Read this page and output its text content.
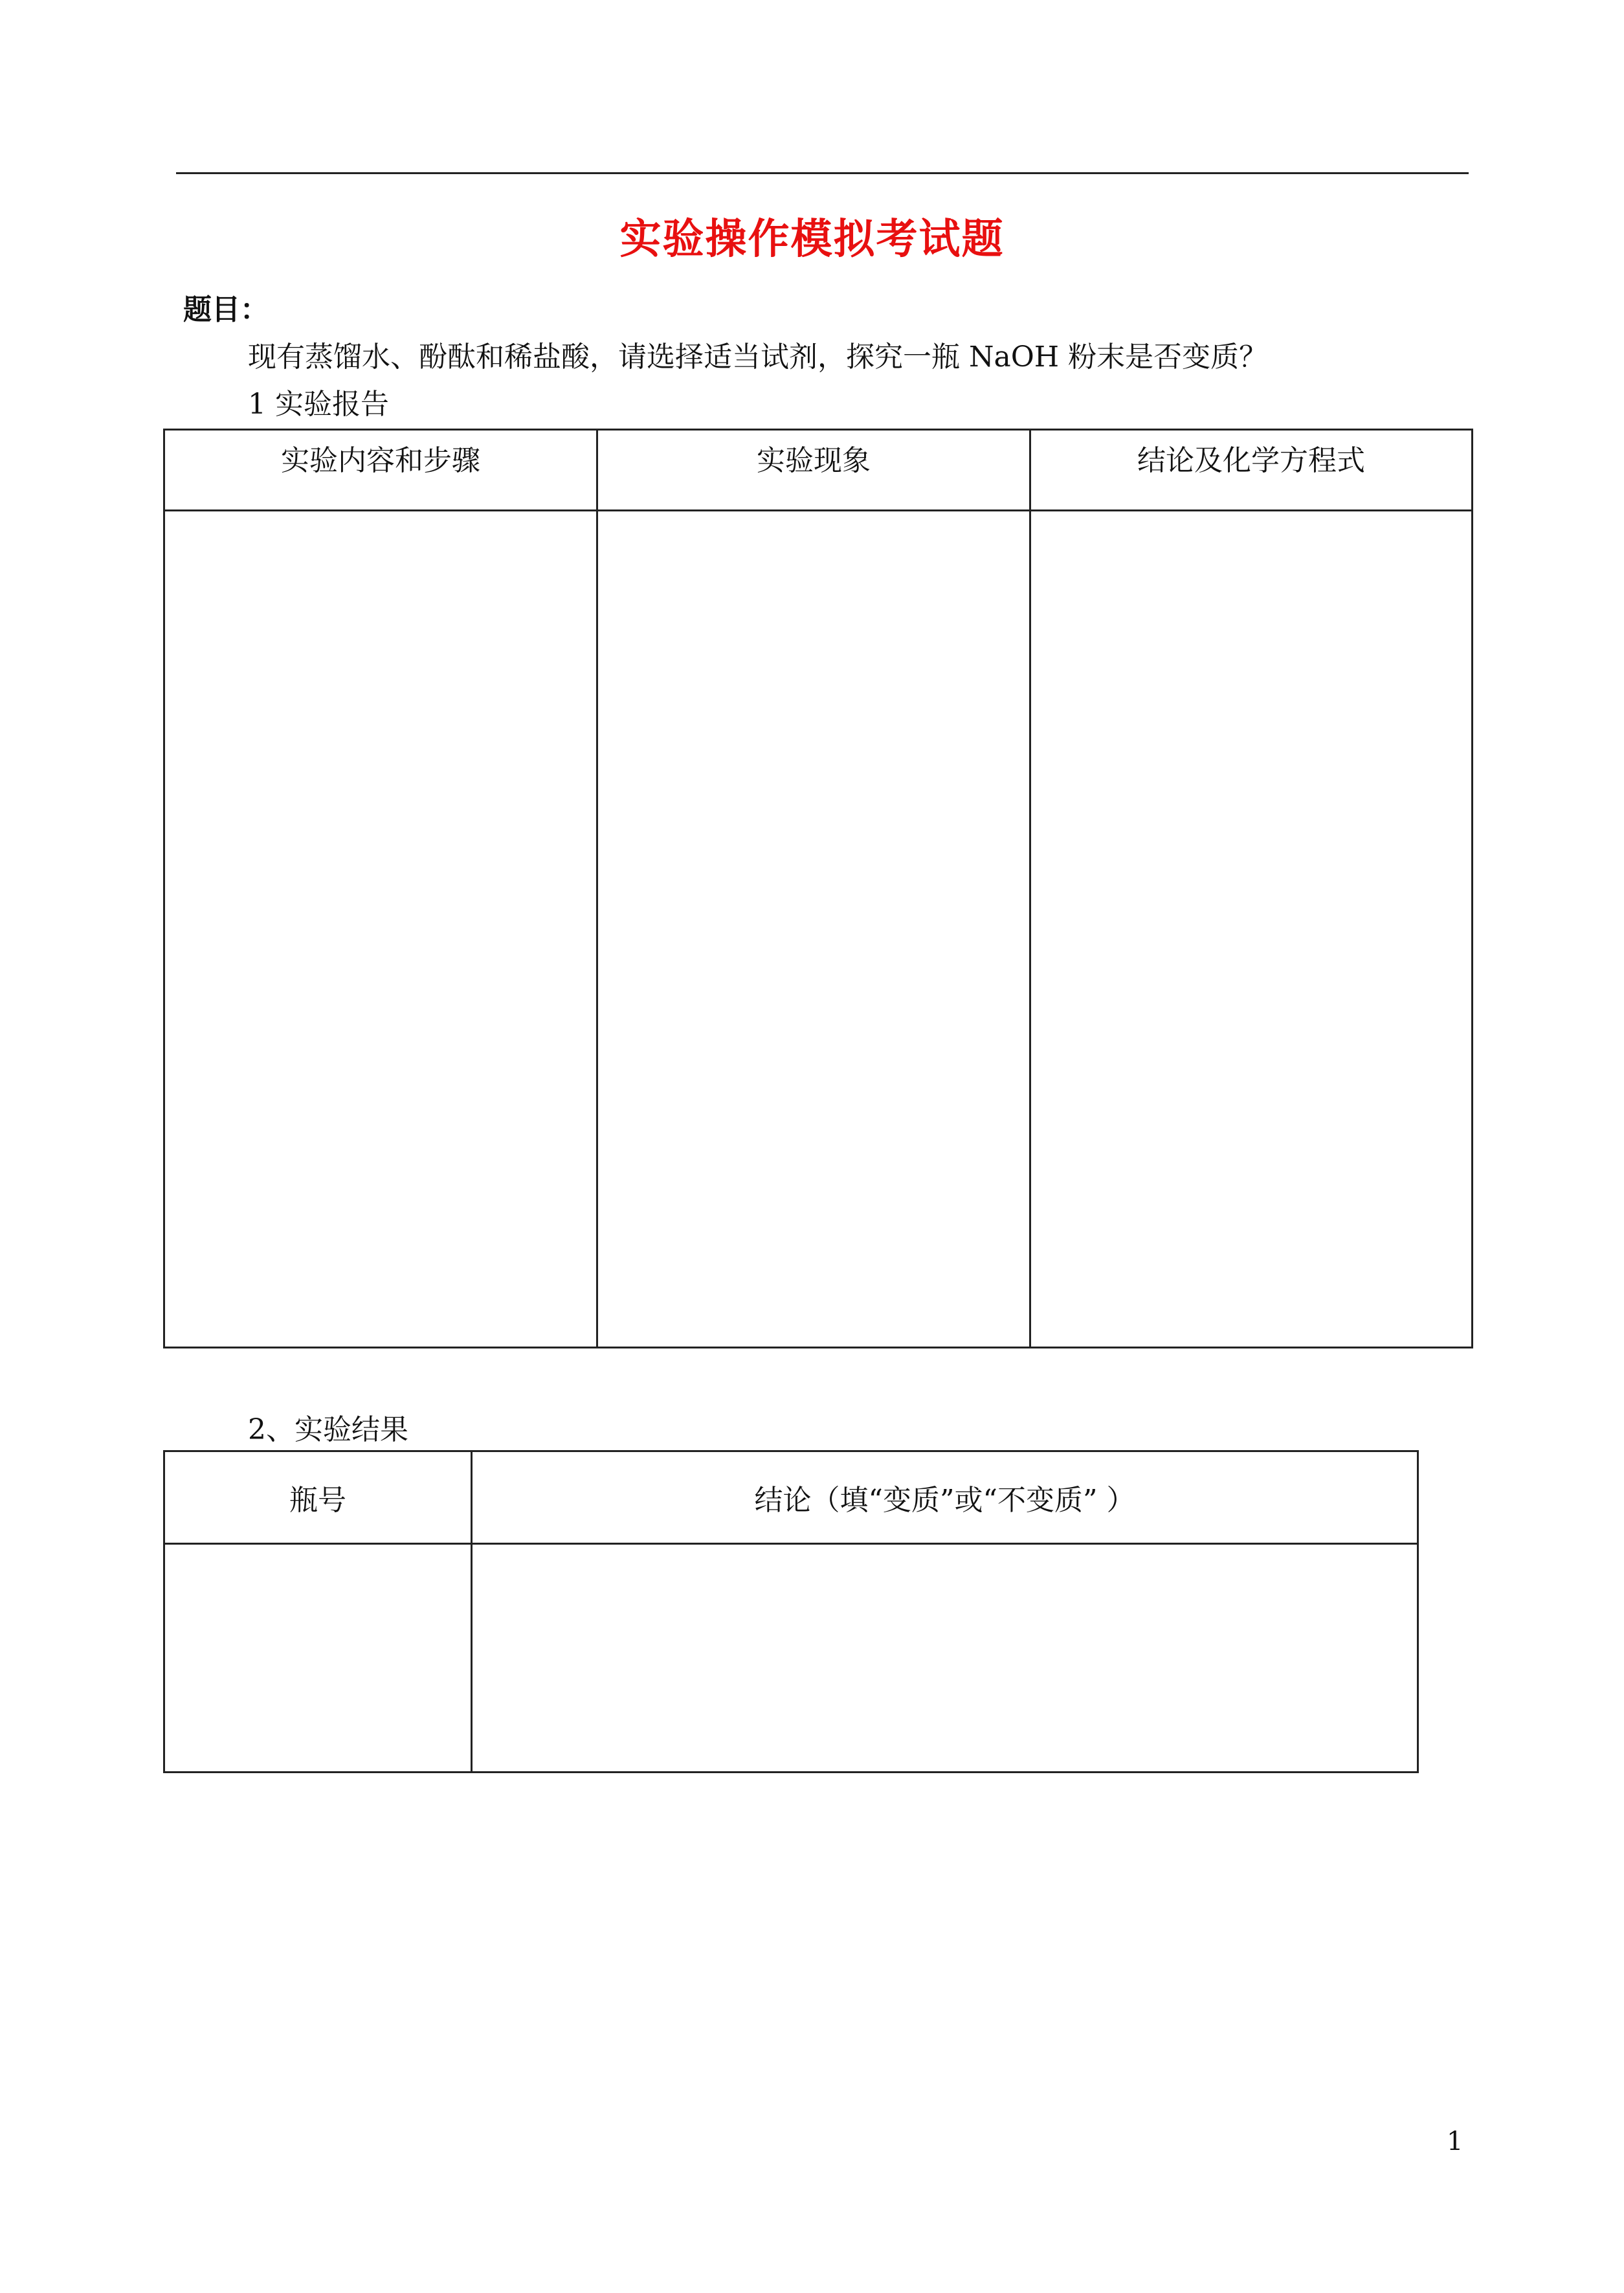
实验操作模拟考试题
题目：
现有蒸馏水、酚酞和稀盐酸，请选择适当试剂，探究一瓶 NaOH 粉末是否变质？
1 实验报告
实验内容和步骤	实验现象	结论及化学方程式

2、实验结果
瓶号	结论（填“变质”或“不变质” ）

1
